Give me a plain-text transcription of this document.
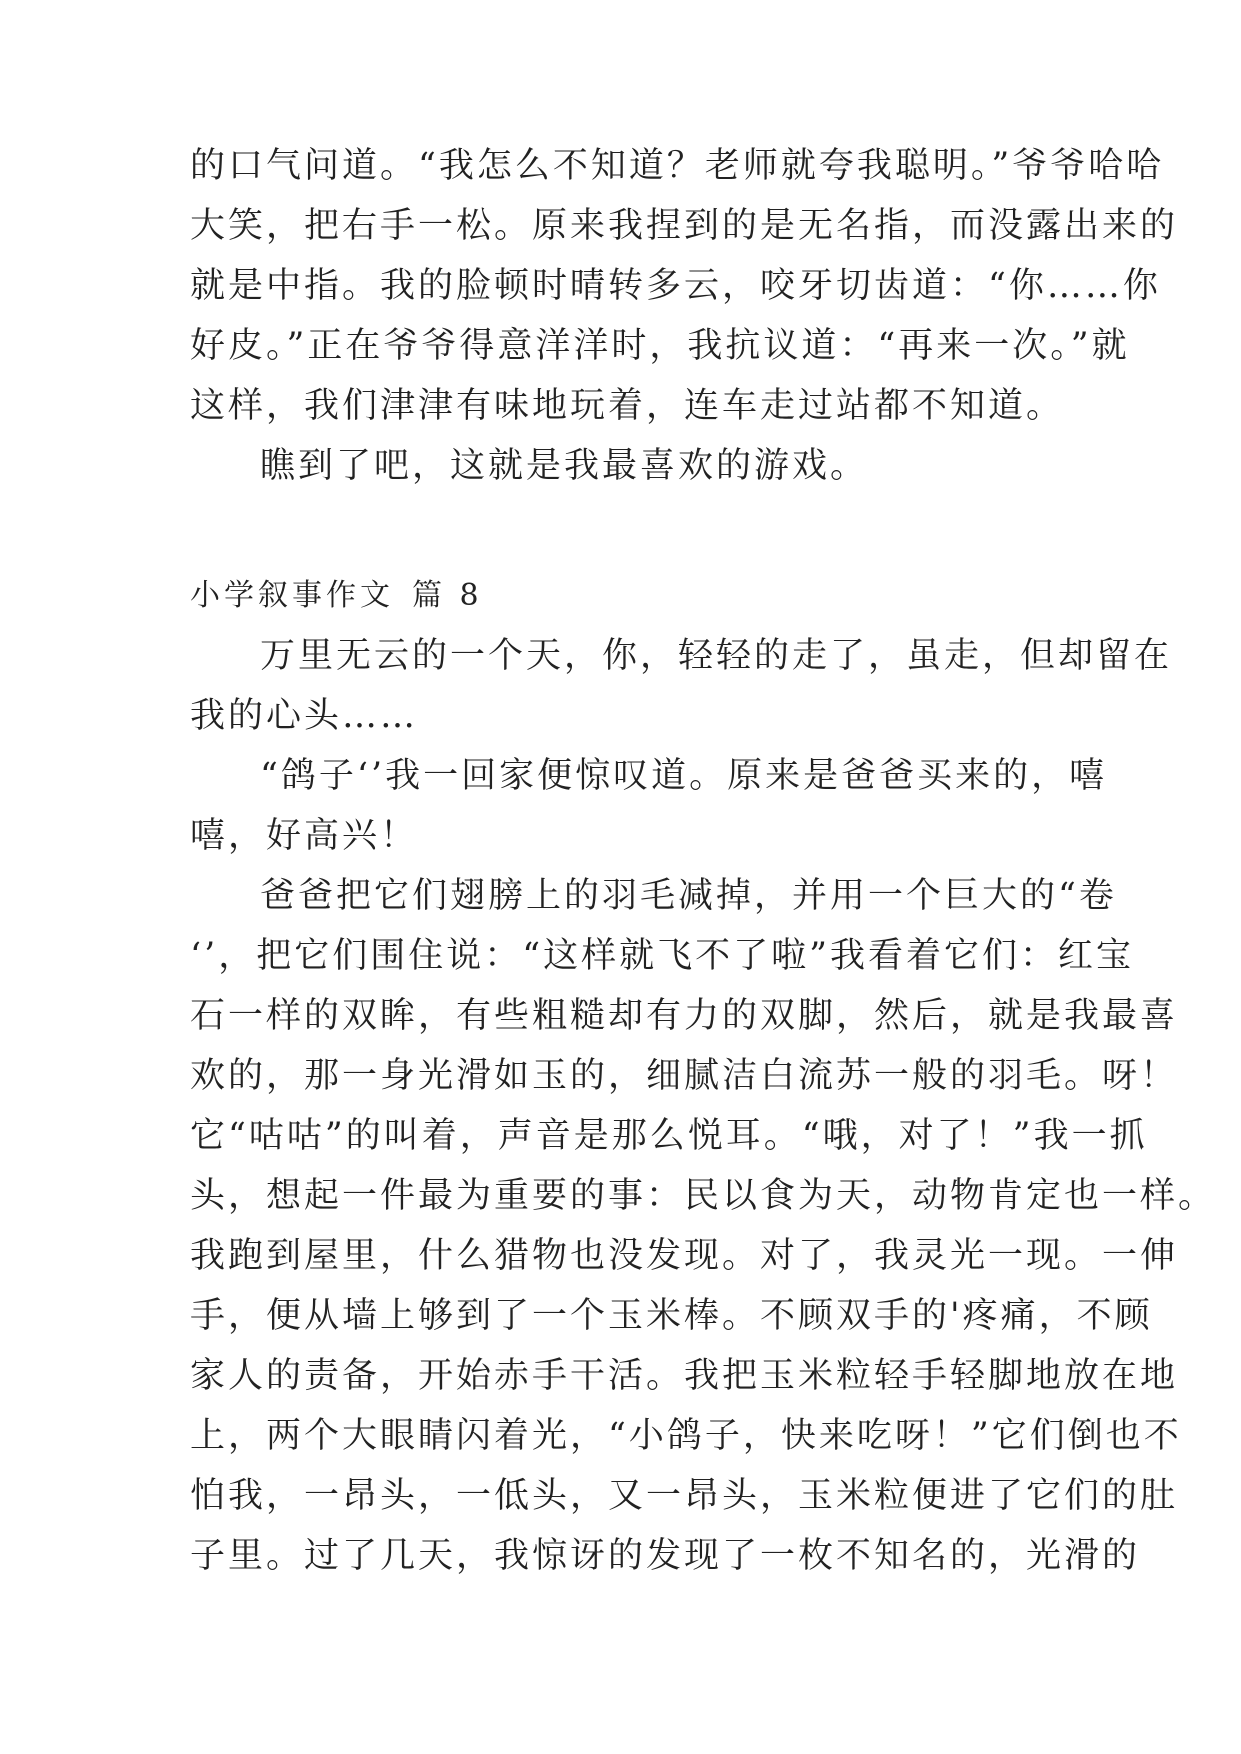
的口气问道。“我怎么不知道？老师就夸我聪明。”爷爷哈哈
大笑，把右手一松。原来我捏到的是无名指，而没露出来的
就是中指。我的脸顿时晴转多云，咬牙切齿道：“你……你
好皮。”正在爷爷得意洋洋时，我抗议道：“再来一次。”就
这样，我们津津有味地玩着，连车走过站都不知道。
瞧到了吧，这就是我最喜欢的游戏。
小学叙事作文 篇 8
万里无云的一个天，你，轻轻的走了，虽走，但却留在
我的心头……
“鸽子‘’我一回家便惊叹道。原来是爸爸买来的，嘻
嘻，好高兴！
爸爸把它们翅膀上的羽毛减掉，并用一个巨大的“卷
‘’，把它们围住说：“这样就飞不了啦”我看着它们：红宝
石一样的双眸，有些粗糙却有力的双脚，然后，就是我最喜
欢的，那一身光滑如玉的，细腻洁白流苏一般的羽毛。呀！
它“咕咕”的叫着，声音是那么悦耳。“哦，对了！”我一抓
头，想起一件最为重要的事：民以食为天，动物肯定也一样。
我跑到屋里，什么猎物也没发现。对了，我灵光一现。一伸
手，便从墙上够到了一个玉米棒。不顾双手的'疼痛，不顾
家人的责备，开始赤手干活。我把玉米粒轻手轻脚地放在地
上，两个大眼睛闪着光，“小鸽子，快来吃呀！”它们倒也不
怕我，一昂头，一低头，又一昂头，玉米粒便进了它们的肚
子里。过了几天，我惊讶的发现了一枚不知名的，光滑的
